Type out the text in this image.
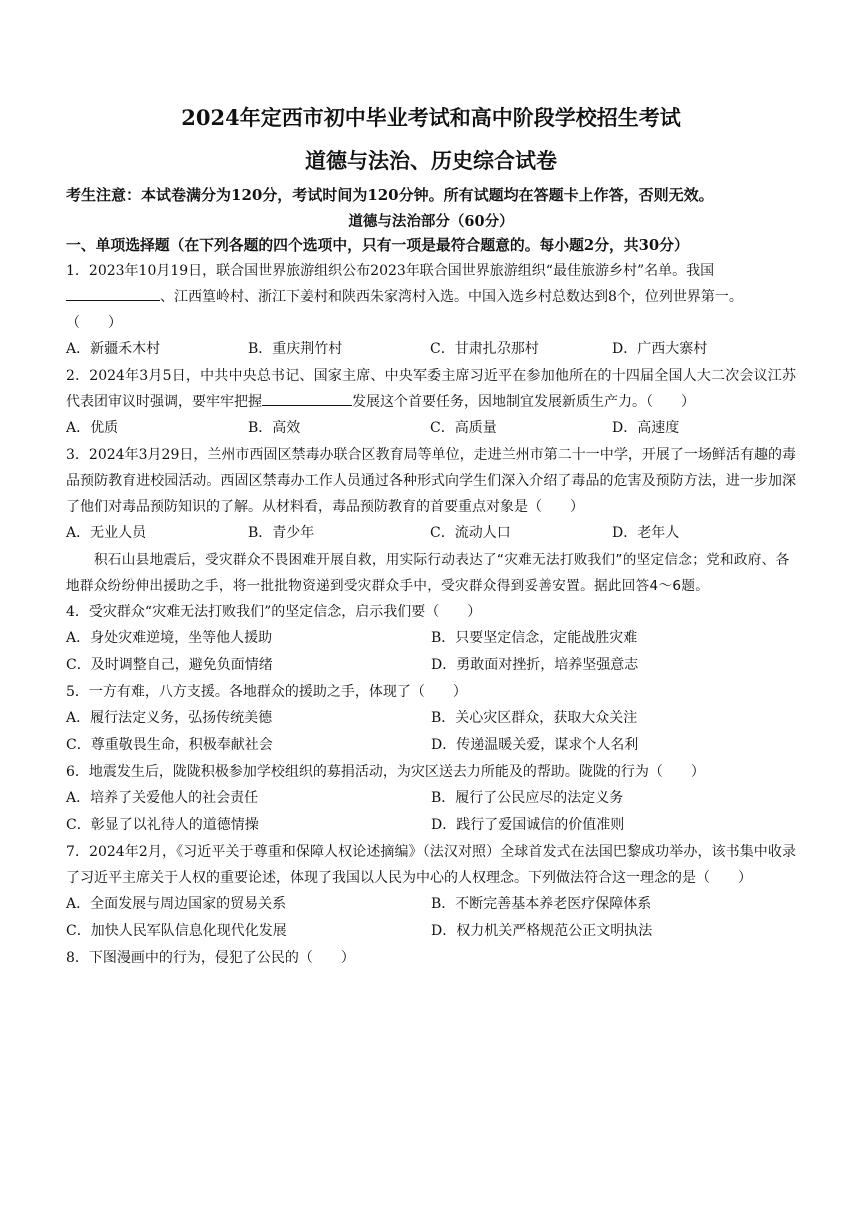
2024年定西市初中毕业考试和高中阶段学校招生考试

道德与法治、历史综合试卷

考生注意：本试卷满分为120分，考试时间为120分钟。所有试题均在答题卡上作答，否则无效。
道德与法治部分（60分）
一、单项选择题（在下列各题的四个选项中，只有一项是最符合题意的。每小题2分，共30分）
1．2023年10月19日，联合国世界旅游组织公布2023年联合国世界旅游组织“最佳旅游乡村”名单。我国
、江西篁岭村、浙江下姜村和陕西朱家湾村入选。中国入选乡村总数达到8个，位列世界第一。
（　　）
A．新疆禾木村	B．重庆荆竹村	C．甘肃扎尕那村	D．广西大寨村
2．2024年3月5日，中共中央总书记、国家主席、中央军委主席习近平在参加他所在的十四届全国人大二次会议江苏代表团审议时强调，要牢牢把握	发展这个首要任务，因地制宜发展新质生产力。（　　）
A．优质	B．高效	C．高质量	D．高速度
3．2024年3月29日，兰州市西固区禁毒办联合区教育局等单位，走进兰州市第二十一中学，开展了一场鲜活有趣的毒品预防教育进校园活动。西固区禁毒办工作人员通过各种形式向学生们深入介绍了毒品的危害及预防方法，进一步加深了他们对毒品预防知识的了解。从材料看，毒品预防教育的首要重点对象是（　　）
A．无业人员	B．青少年	C．流动人口	D．老年人
积石山县地震后，受灾群众不畏困难开展自救，用实际行动表达了“灾难无法打败我们”的坚定信念；党和政府、各地群众纷纷伸出援助之手，将一批批物资递到受灾群众手中，受灾群众得到妥善安置。据此回答4～6题。
4．受灾群众“灾难无法打败我们”的坚定信念，启示我们要（　　）
A．身处灾难逆境，坐等他人援助	B．只要坚定信念，定能战胜灾难
C．及时调整自己，避免负面情绪	D．勇敢面对挫折，培养坚强意志
5．一方有难，八方支援。各地群众的援助之手，体现了（　　）
A．履行法定义务，弘扬传统美德	B．关心灾区群众，获取大众关注
C．尊重敬畏生命，积极奉献社会	D．传递温暖关爱，谋求个人名利
6．地震发生后，陇陇积极参加学校组织的募捐活动，为灾区送去力所能及的帮助。陇陇的行为（　　）
A．培养了关爱他人的社会责任	B．履行了公民应尽的法定义务
C．彰显了以礼待人的道德情操	D．践行了爱国诚信的价值准则
7．2024年2月，《习近平关于尊重和保障人权论述摘编》（法汉对照）全球首发式在法国巴黎成功举办，该书集中收录了习近平主席关于人权的重要论述，体现了我国以人民为中心的人权理念。下列做法符合这一理念的是（　　）
A．全面发展与周边国家的贸易关系	B．不断完善基本养老医疗保障体系
C．加快人民军队信息化现代化发展	D．权力机关严格规范公正文明执法
8．下图漫画中的行为，侵犯了公民的（　　）
